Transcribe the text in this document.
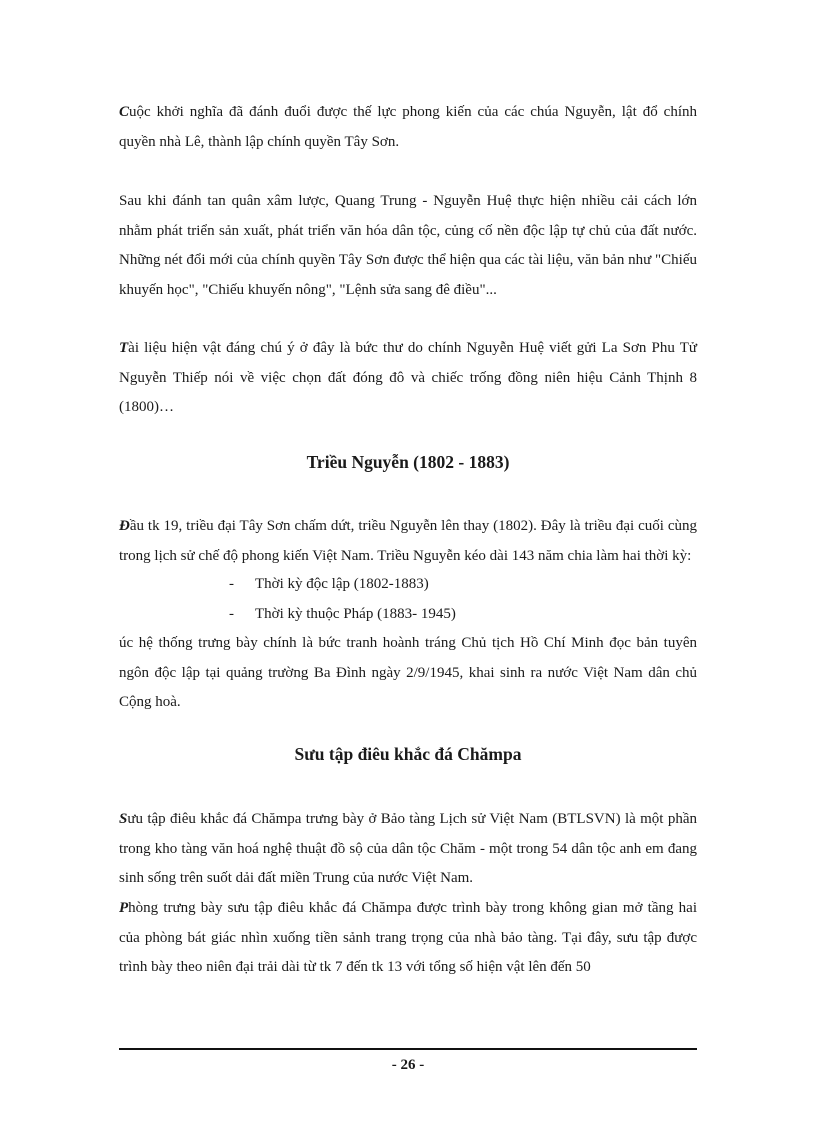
Cuộc khởi nghĩa đã đánh đuổi được thế lực phong kiến của các chúa Nguyễn, lật đổ chính quyền nhà Lê, thành lập chính quyền Tây Sơn.

Sau khi đánh tan quân xâm lược, Quang Trung - Nguyễn Huệ thực hiện nhiều cải cách lớn nhằm phát triển sản xuất, phát triển văn hóa dân tộc, củng cố nền độc lập tự chủ của đất nước. Những nét đổi mới của chính quyền Tây Sơn được thể hiện qua các tài liệu, văn bản như "Chiếu khuyến học", "Chiếu khuyến nông", "Lệnh sửa sang đê điều"...

Tài liệu hiện vật đáng chú ý ở đây là bức thư do chính Nguyễn Huệ viết gửi La Sơn Phu Tử Nguyễn Thiếp nói về việc chọn đất đóng đô và chiếc trống đồng niên hiệu Cảnh Thịnh 8 (1800)…

Triều Nguyễn (1802 - 1883)

Đầu tk 19, triều đại Tây Sơn chấm dứt, triều Nguyễn lên thay (1802). Đây là triều đại cuối cùng trong lịch sử chế độ phong kiến Việt Nam. Triều Nguyễn kéo dài 143 năm chia làm hai thời kỳ:

- Thời kỳ độc lập (1802-1883)
- Thời kỳ thuộc Pháp (1883- 1945)

úc hệ thống trưng bày chính là bức tranh hoành tráng Chủ tịch Hồ Chí Minh đọc bản tuyên ngôn độc lập tại quảng trường Ba Đình ngày 2/9/1945, khai sinh ra nước Việt Nam dân chủ Cộng hoà.

Sưu tập điêu khắc đá Chămpa

Sưu tập điêu khắc đá Chămpa trưng bày ở Bảo tàng Lịch sử Việt Nam (BTLSVN) là một phần trong kho tàng văn hoá nghệ thuật đồ sộ của dân tộc Chăm - một trong 54 dân tộc anh em đang sinh sống trên suốt dải đất miền Trung của nước Việt Nam.

Phòng trưng bày sưu tập điêu khắc đá Chămpa được trình bày trong không gian mở tầng hai của phòng bát giác nhìn xuống tiền sảnh trang trọng của nhà bảo tàng. Tại đây, sưu tập được trình bày theo niên đại trải dài từ tk 7 đến tk 13 với tổng số hiện vật lên đến 50

- 26 -
